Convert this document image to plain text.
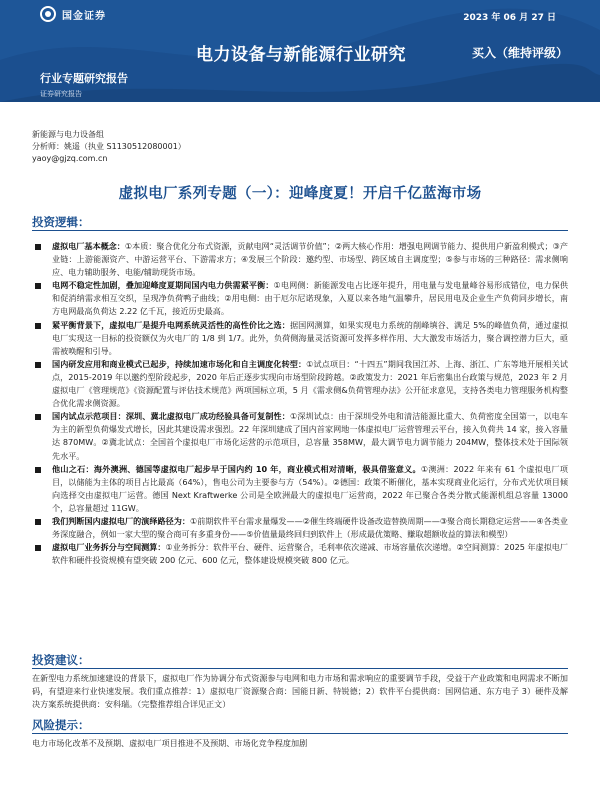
国金证券	2023 年 06 月 27 日
电力设备与新能源行业研究	买入（维持评级）
行业专题研究报告
证券研究报告
新能源与电力设备组
分析师：姚遥（执业 S1130512080001）
yaoy@gjzq.com.cn
虚拟电厂系列专题（一）：迎峰度夏！开启千亿蓝海市场
投资逻辑：
虚拟电厂基本概念：①本质：聚合优化分布式资源，贡献电网“灵活调节价值”；②两大核心作用：增强电网调节能力、提供用户新盈利模式；③产业链：上游能源资产、中游运营平台、下游需求方；④发展三个阶段：邀约型、市场型、跨区域自主调度型；⑤参与市场的三种路径：需求侧响应、电力辅助服务、电能/辅助现货市场。
电网不稳定性加剧，叠加迎峰度夏期间国内电力供需紧平衡：①电网侧：新能源发电占比逐年提升，用电量与发电量峰谷易形成错位，电力保供和促消纳需求相互交织，呈现净负荷鸭子曲线；②用电侧：由于厄尔尼诺现象，入夏以来各地气温攀升，居民用电及企业生产负荷同步增长，南方电网最高负荷达 2.22 亿千瓦，接近历史最高。
紧平衡背景下，虚拟电厂是提升电网系统灵活性的高性价比之选：据国网测算，如果实现电力系统的削峰填谷、满足 5%的峰值负荷，通过虚拟电厂实现这一目标的投资额仅为火电厂的 1/8 到 1/7。此外，负荷侧海量灵活资源可发挥多样作用、大大激发市场活力，聚合调控潜力巨大，亟需被唤醒和引导。
国内研发应用和商业模式已起步，持续加速市场化和自主调度化转型：①试点项目：“十四五”期间我国江苏、上海、浙江、广东等地开展相关试点，2015-2019 年以邀约型阶段起步，2020 年后正逐步实现向市场型阶段跨越。②政策发力：2021 年后密集出台政策与规范，2023 年 2 月虚拟电厂《管理规范》《资源配置与评估技术规范》两项国标立项，5 月《需求侧&负荷管理办法》公开征求意见，支持各类电力管理服务机构整合优化需求侧资源。
国内试点示范项目：深圳、冀北虚拟电厂成功经验具备可复制性：①深圳试点：由于深圳受外电和清洁能源比重大、负荷密度全国第一，以电车为主的新型负荷爆发式增长，因此其建设需求强烈。22 年深圳建成了国内首家网地一体虚拟电厂运营管理云平台，接入负荷共 14 家，接入容量达 870MW。②冀北试点：全国首个虚拟电厂市场化运营的示范项目，总容量 358MW，最大调节电力调节能力 204MW，整体技术处于国际领先水平。
他山之石：海外澳洲、德国等虚拟电厂起步早于国内约 10 年，商业模式相对清晰，极具借鉴意义。①澳洲：2022 年来有 61 个虚拟电厂项目，以储能为主体的项目占比最高（64%），售电公司为主要参与方（54%）。②德国：政策不断催化，基本实现商业化运行，分布式光伏项目倾向选择交由虚拟电厂运营。德国 Next Kraftwerke 公司是全欧洲最大的虚拟电厂运营商，2022 年已聚合各类分散式能源机组总容量 13000 个，总容量超过 11GW。
我们判断国内虚拟电厂的演绎路径为：①前期软件平台需求量爆发——②催生终端硬件设备改造替换周期——③聚合商长期稳定运营——④各类业务深度融合，例如一家大型的聚合商可有多重身份——⑤价值量最终回归到软件上（形成最优策略、赚取超额收益的算法和模型）
虚拟电厂业务拆分与空间测算：①业务拆分：软件平台、硬件、运营聚合，毛利率依次递减、市场容量依次递增。②空间测算：2025 年虚拟电厂软件和硬件投资规模有望突破 200 亿元、600 亿元，整体建设规模突破 800 亿元。
投资建议：
在新型电力系统加速建设的背景下，虚拟电厂作为协调分布式资源参与电网和电力市场和需求响应的重要调节手段，受益于产业政策和电网需求不断加码，有望迎来行业快速发展。我们重点推荐：1）虚拟电厂资源聚合商：国能日新、特锐德；2）软件平台提供商：国网信通、东方电子 3）硬件及解决方案系统提供商：安科瑞。（完整推荐组合详见正文）
风险提示：
电力市场化改革不及预期、虚拟电厂项目推进不及预期、市场化竞争程度加剧
